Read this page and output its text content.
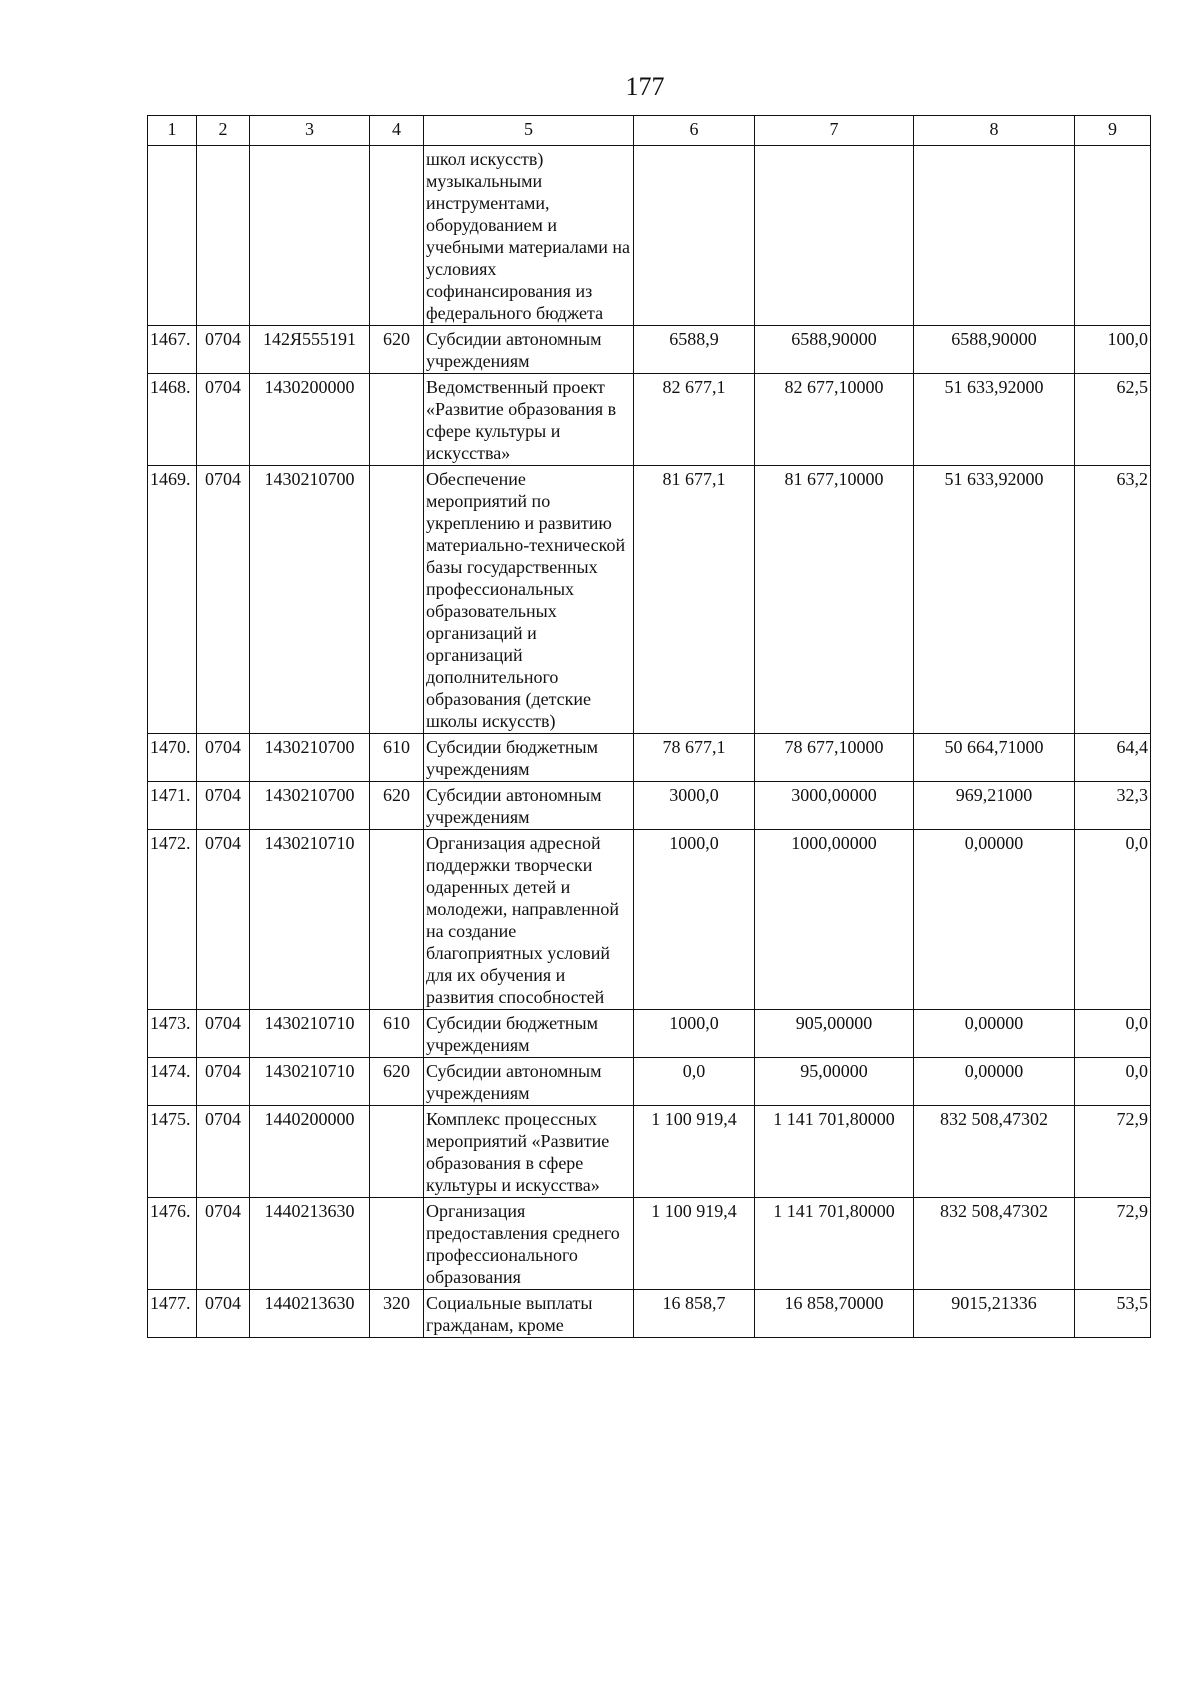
177
1	2	3	4	5	6	7	8	9
				школ искусств) музыкальными инструментами, оборудованием и учебными материалами на условиях софинансирования из федерального бюджета				
1467.	0704	142Я555191	620	Субсидии автономным учреждениям	6588,9	6588,90000	6588,90000	100,0
1468.	0704	1430200000		Ведомственный проект «Развитие образования в сфере культуры и искусства»	82 677,1	82 677,10000	51 633,92000	62,5
1469.	0704	1430210700		Обеспечение мероприятий по укреплению и развитию материально-технической базы государственных профессиональных образовательных организаций и организаций дополнительного образования (детские школы искусств)	81 677,1	81 677,10000	51 633,92000	63,2
1470.	0704	1430210700	610	Субсидии бюджетным учреждениям	78 677,1	78 677,10000	50 664,71000	64,4
1471.	0704	1430210700	620	Субсидии автономным учреждениям	3000,0	3000,00000	969,21000	32,3
1472.	0704	1430210710		Организация адресной поддержки творчески одаренных детей и молодежи, направленной на создание благоприятных условий для их обучения и развития способностей	1000,0	1000,00000	0,00000	0,0
1473.	0704	1430210710	610	Субсидии бюджетным учреждениям	1000,0	905,00000	0,00000	0,0
1474.	0704	1430210710	620	Субсидии автономным учреждениям	0,0	95,00000	0,00000	0,0
1475.	0704	1440200000		Комплекс процессных мероприятий «Развитие образования в сфере культуры и искусства»	1 100 919,4	1 141 701,80000	832 508,47302	72,9
1476.	0704	1440213630		Организация предоставления среднего профессионального образования	1 100 919,4	1 141 701,80000	832 508,47302	72,9
1477.	0704	1440213630	320	Социальные выплаты гражданам, кроме	16 858,7	16 858,70000	9015,21336	53,5
